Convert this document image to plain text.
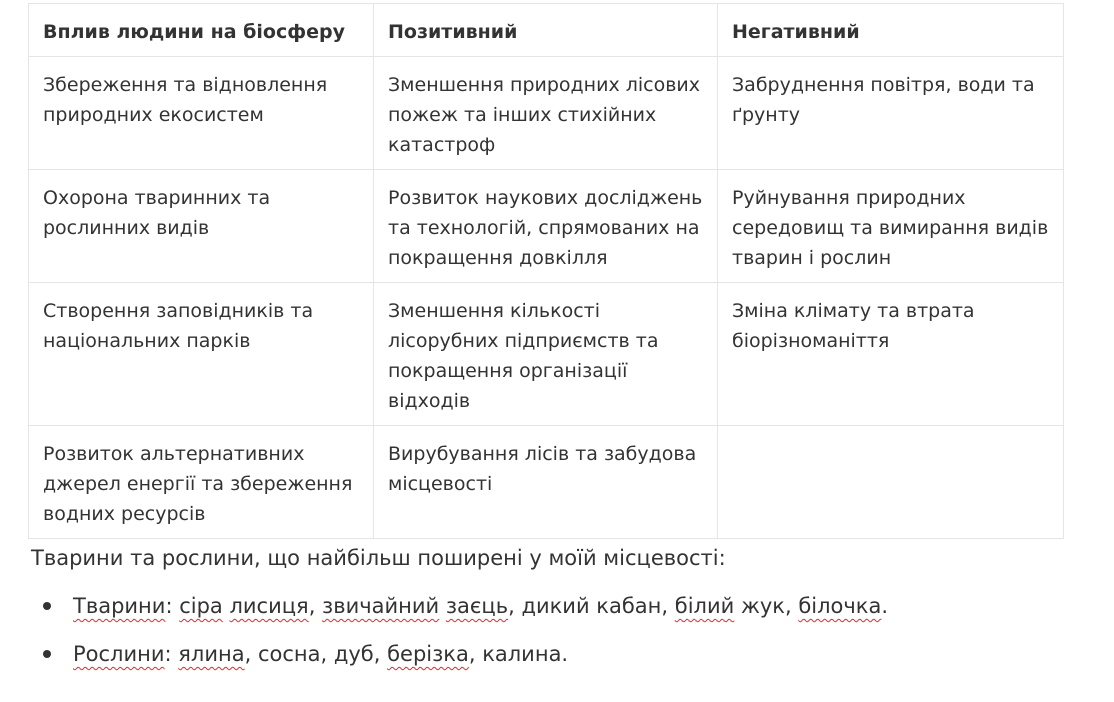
Вплив людини на біосферу	Позитивний	Негативний
Збереження та відновлення природних екосистем	Зменшення природних лісових пожеж та інших стихійних катастроф	Забруднення повітря, води та ґрунту
Охорона тваринних та рослинних видів	Розвиток наукових досліджень та технологій, спрямованих на покращення довкілля	Руйнування природних середовищ та вимирання видів тварин і рослин
Створення заповідників та національних парків	Зменшення кількості лісорубних підприємств та покращення організації відходів	Зміна клімату та втрата біорізноманіття
Розвиток альтернативних джерел енергії та збереження водних ресурсів	Вирубування лісів та забудова місцевості	

Тварини та рослини, що найбільш поширені у моїй місцевості:

Тварини: сіра лисиця, звичайний заєць, дикий кабан, білий жук, білочка.
Рослини: ялина, сосна, дуб, берізка, калина.
